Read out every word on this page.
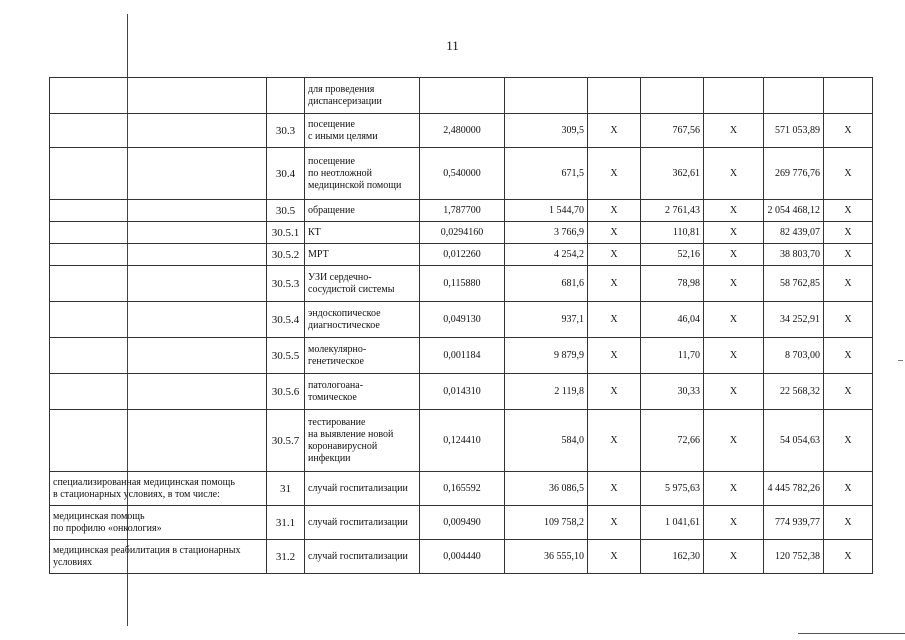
11
		для проведения
диспансеризации							
	30.3	посещение
с иными целями	2,480000	309,5	X	767,56	X	571 053,89	X
	30.4	посещение
по неотложной
медицинской помощи	0,540000	671,5	X	362,61	X	269 776,76	X
	30.5	обращение	1,787700	1 544,70	X	2 761,43	X	2 054 468,12	X
	30.5.1	КТ	0,0294160	3 766,9	X	110,81	X	82 439,07	X
	30.5.2	МРТ	0,012260	4 254,2	X	52,16	X	38 803,70	X
	30.5.3	УЗИ сердечно-
сосудистой системы	0,115880	681,6	X	78,98	X	58 762,85	X
	30.5.4	эндоскопическое
диагностическое	0,049130	937,1	X	46,04	X	34 252,91	X
	30.5.5	молекулярно-
генетическое	0,001184	9 879,9	X	11,70	X	8 703,00	X
	30.5.6	патологоана-
томическое	0,014310	2 119,8	X	30,33	X	22 568,32	X
	30.5.7	тестирование
на выявление новой
коронавирусной
инфекции	0,124410	584,0	X	72,66	X	54 054,63	X
специализированная медицинская помощь
в стационарных условиях, в том числе:	31	случай госпитализации	0,165592	36 086,5	X	5 975,63	X	4 445 782,26	X
медицинская помощь
по профилю «онкология»	31.1	случай госпитализации	0,009490	109 758,2	X	1 041,61	X	774 939,77	X
медицинская реабилитация в стационарных
условиях	31.2	случай госпитализации	0,004440	36 555,10	X	162,30	X	120 752,38	X
